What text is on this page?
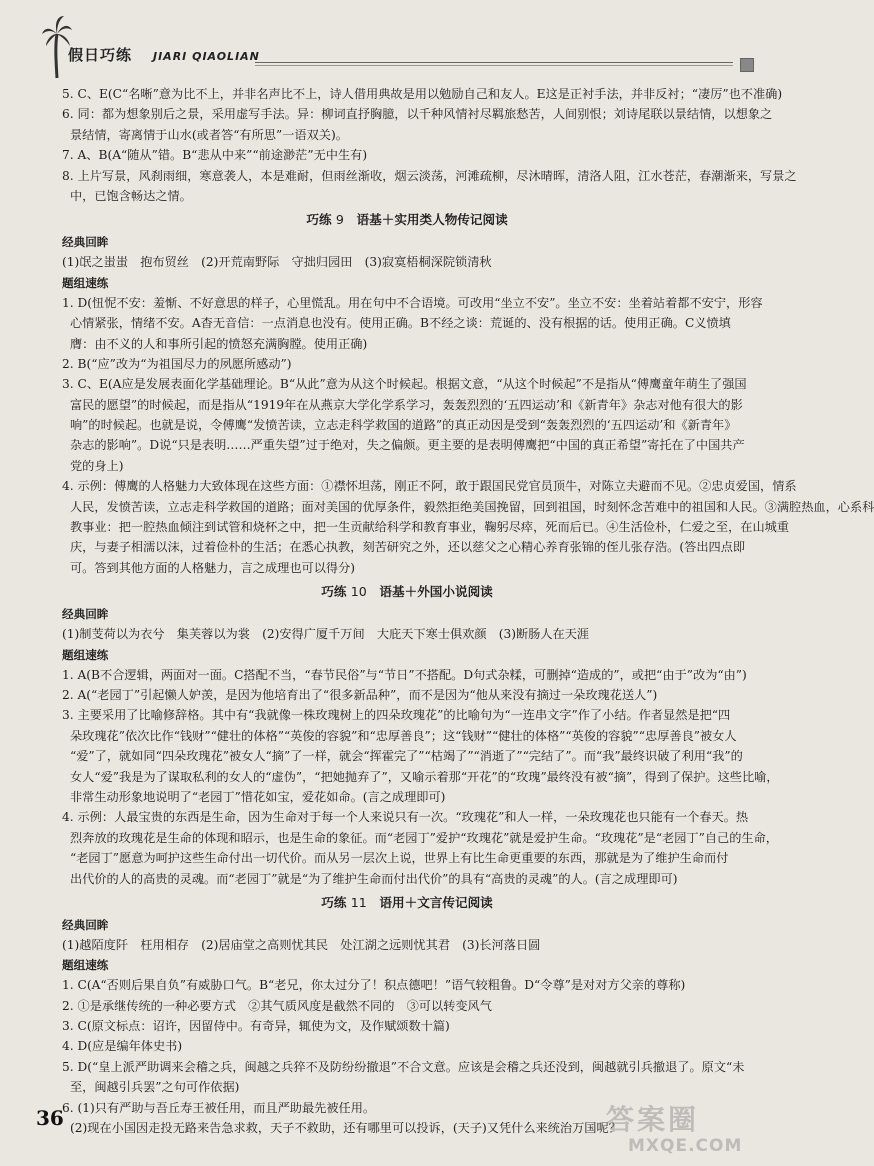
假日巧练 JIARI QIAOLIAN
5. C、E(C“名晰”意为比不上，并非名声比不上，诗人借用典故是用以勉励自己和友人。E这是正衬手法，并非反衬；“凄厉”也不准确)
6. 同：都为想象别后之景，采用虚写手法。异：柳词直抒胸臆，以千种风情衬尽羁旅愁苦，人间别恨；刘诗尾联以景结情，以想象之
景结情，寄离情于山水(或者答“有所思”一语双关)。
7. A、B(A“随从”错。B“悲从中来”“前途渺茫”无中生有)
8. 上片写景，风刹雨细，寒意袭人，本是难耐，但雨丝渐收，烟云淡荡，河滩疏柳，尽沐晴晖，清洛人阻，江水苍茫，春潮渐来，写景之
中，已饱含畅达之情。
巧练 9　 语基＋实用类人物传记阅读
经典回眸
(1)氓之蚩蚩　抱布贸丝　(2)开荒南野际　守拙归园田　(3)寂寞梧桐深院锁清秋
题组速练
1. D(忸怩不安：羞惭、不好意思的样子，心里慌乱。用在句中不合语境。可改用“坐立不安”。坐立不安：坐着站着都不安宁，形容
心情紧张，情绪不安。A杳无音信：一点消息也没有。使用正确。B不经之谈：荒诞的、没有根据的话。使用正确。C义愤填
膺：由不义的人和事所引起的愤怒充满胸膛。使用正确)
2. B(“应”改为“为祖国尽力的夙愿所感动”)
3. C、E(A应是发展表面化学基础理论。B“从此”意为从这个时候起。根据文意，“从这个时候起”不是指从“傅鹰童年萌生了强国
富民的愿望”的时候起，而是指从“1919年在从燕京大学化学系学习，轰轰烈烈的‘五四运动’和《新青年》杂志对他有很大的影
响”的时候起。也就是说，令傅鹰“发愤苦读，立志走科学救国的道路”的真正动因是受到“轰轰烈烈的‘五四运动’和《新青年》
杂志的影响”。D说“只是表明……严重失望”过于绝对，失之偏颇。更主要的是表明傅鹰把“中国的真正希望”寄托在了中国共产
党的身上)
4. 示例：傅鹰的人格魅力大致体现在这些方面：①襟怀坦荡，刚正不阿，敢于跟国民党官员顶牛，对陈立夫避而不见。②忠贞爱国，情系
人民，发愤苦读，立志走科学救国的道路；面对美国的优厚条件，毅然拒绝美国挽留，回到祖国，时刻怀念苦难中的祖国和人民。③满腔热血，心系科
教事业：把一腔热血倾注到试管和烧杯之中，把一生贡献给科学和教育事业，鞠躬尽瘁，死而后已。④生活俭朴，仁爱之至，在山城重
庆，与妻子相濡以沫，过着俭朴的生活；在悉心执教，刻苦研究之外，还以慈父之心精心养育张锦的侄儿张存浩。(答出四点即
可。答到其他方面的人格魅力，言之成理也可以得分)
巧练 10　 语基＋外国小说阅读
经典回眸
(1)制芰荷以为衣兮　集芙蓉以为裳　(2)安得广厦千万间　大庇天下寒士俱欢颜　(3)断肠人在天涯
题组速练
1. A(B不合逻辑，两面对一面。C搭配不当，“春节民俗”与“节日”不搭配。D句式杂糅，可删掉“造成的”，或把“由于”改为“由”)
2. A(“老园丁”引起懒人妒羡，是因为他培育出了“很多新品种”，而不是因为“他从来没有摘过一朵玫瑰花送人”)
3. 主要采用了比喻修辞格。其中有“我就像一株玫瑰树上的四朵玫瑰花”的比喻句为“一连串文字”作了小结。作者显然是把“四
朵玫瑰花”依次比作“钱财”“健壮的体格”“英俊的容貌”和“忠厚善良”；这“钱财”“健壮的体格”“英俊的容貌”“忠厚善良”被女人
“爱”了，就如同“四朵玫瑰花”被女人“摘”了一样，就会“挥霍完了”“枯竭了”“消逝了”“完结了”。而“我”最终识破了利用“我”的
女人“爱”我是为了谋取私利的女人的“虚伪”，“把她抛弃了”，又喻示着那“开花”的“玫瑰”最终没有被“摘”，得到了保护。这些比喻，
非常生动形象地说明了“老园丁”惜花如宝，爱花如命。(言之成理即可)
4. 示例：人最宝贵的东西是生命，因为生命对于每一个人来说只有一次。“玫瑰花”和人一样，一朵玫瑰花也只能有一个春天。热
烈奔放的玫瑰花是生命的体现和昭示，也是生命的象征。而“老园丁”爱护“玫瑰花”就是爱护生命。“玫瑰花”是“老园丁”自己的生命，
“老园丁”愿意为呵护这些生命付出一切代价。而从另一层次上说，世界上有比生命更重要的东西，那就是为了维护生命而付
出代价的人的高贵的灵魂。而“老园丁”就是“为了维护生命而付出代价”的具有“高贵的灵魂”的人。(言之成理即可)
巧练 11　 语用＋文言传记阅读
经典回眸
(1)越陌度阡　枉用相存　(2)居庙堂之高则忧其民　处江湖之远则忧其君　(3)长河落日圆
题组速练
1. C(A“否则后果自负”有威胁口气。B“老兄，你太过分了！积点德吧！”语气较粗鲁。D“令尊”是对对方父亲的尊称)
2. ①是承继传统的一种必要方式　②其气质风度是截然不同的　③可以转变风气
3. C(原文标点：诏许，因留侍中。有奇异，辄使为文，及作赋颂数十篇)
4. D(应是编年体史书)
5. D(“皇上派严助调来会稽之兵，闽越之兵猝不及防纷纷撤退”不合文意。应该是会稽之兵还没到，闽越就引兵撤退了。原文“未
至，闽越引兵罢”之句可作依据)
6. (1)只有严助与吾丘寿王被任用，而且严助最先被任用。
(2)现在小国因走投无路来告急求救，天子不救助，还有哪里可以投诉，(天子)又凭什么来统治万国呢？
36	答案圈
MXQE.COM
